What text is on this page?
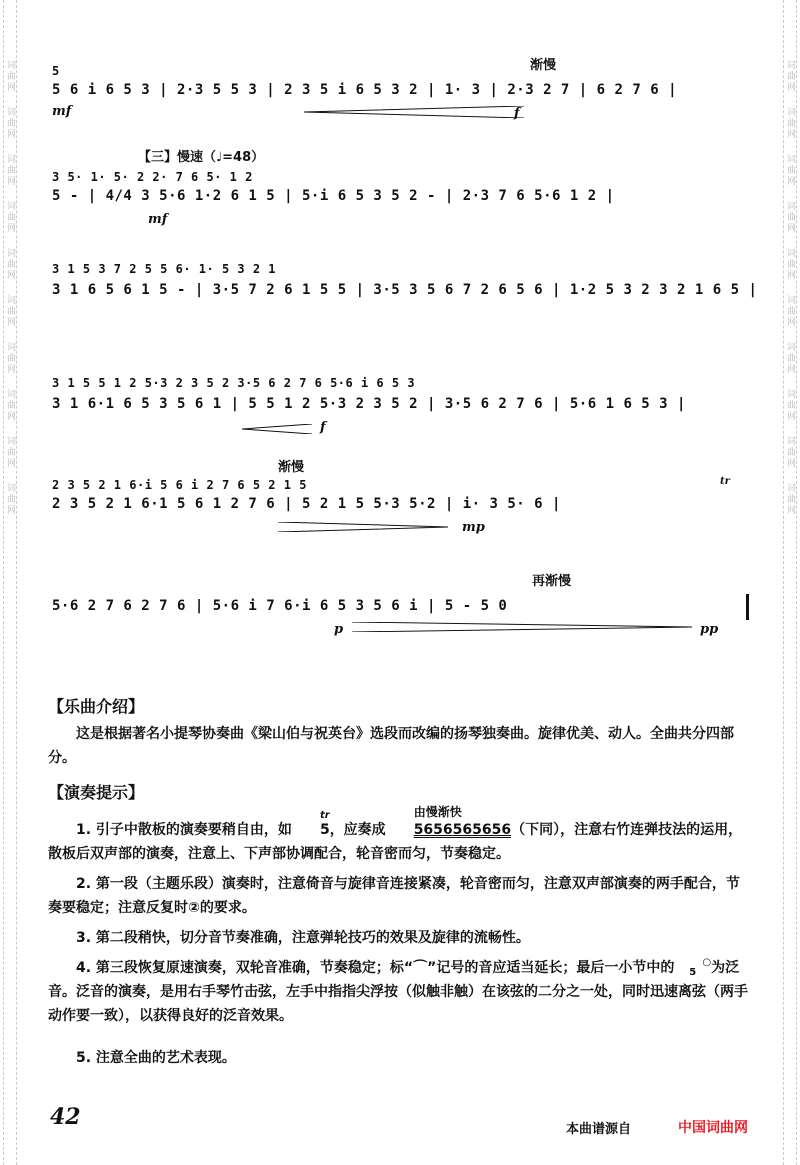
词曲网
词曲网
词曲网
词曲网
词曲网
词曲网
词曲网
词曲网
词曲网
词曲网
词曲网
词曲网
词曲网
词曲网
词曲网
词曲网
词曲网
词曲网
词曲网
词曲网
渐慢
5
5 6 i 6 5 3 | 2·3 5 5 3 | 2 3 5 i 6 5 3 2 | 1· 3 | 2·3 2 7 | 6 2 7 6 |
mf	f
【三】慢速（♩=48）
3 5· 1· 5· 2 2· 7 6 5· 1 2
5 - | 4/4 3 5·6 1·2 6 1 5 | 5·i 6 5 3 5 2 - | 2·3 7 6 5·6 1 2 |
mf
3 1 5 3 7 2 5 5 6· 1· 5 3 2 1
3 1 6 5 6 1 5 - | 3·5 7 2 6 1 5 5 | 3·5 3 5 6 7 2 6 5 6 | 1·2 5 3 2 3 2 1 6 5 |
3 1 5 5 1 2 5·3 2 3 5 2 3·5 6 2 7 6 5·6 i 6 5 3
3 1 6·1 6 5 3 5 6 1 | 5 5 1 2 5·3 2 3 5 2 | 3·5 6 2 7 6 | 5·6 1 6 5 3 |
f
渐慢
tr
2 3 5 2 1 6·i 5 6 i 2 7 6 5 2 1 5
2 3 5 2 1 6·1 5 6 1 2 7 6 | 5 2 1 5 5·3 5·2 | i· 3 5· 6 |
mp
再渐慢
5·6 2 7 6 2 7 6 | 5·6 i 7 6·i 6 5 3 5 6 i | 5 - 5 0
p	pp
【乐曲介绍】
这是根据著名小提琴协奏曲《梁山伯与祝英台》选段而改编的扬琴独奏曲。旋律优美、动人。全曲共分四部分。
【演奏提示】
1. 引子中散板的演奏要稍自由，如
tr
5，应奏成
由慢渐快
5656565656（下同），注意右竹连弹技法的运用，散板后双声部的演奏，注意上、下声部协调配合，轮音密而匀，节奏稳定。
2. 第一段（主题乐段）演奏时，注意倚音与旋律音连接紧凑，轮音密而匀，注意双声部演奏的两手配合，节奏要稳定；注意反复时②的要求。
3. 第二段稍快，切分音节奏准确，注意弹轮技巧的效果及旋律的流畅性。
4. 第三段恢复原速演奏，双轮音准确，节奏稳定；标“⌒”记号的音应适当延长；最后一小节中的	○
5 为泛音。泛音的演奏，是用右手琴竹击弦，左手中指指尖浮按（似触非触）在该弦的二分之一处，同时迅速离弦（两手动作要一致），以获得良好的泛音效果。
5. 注意全曲的艺术表现。
42	本曲谱源自	中国词曲网
